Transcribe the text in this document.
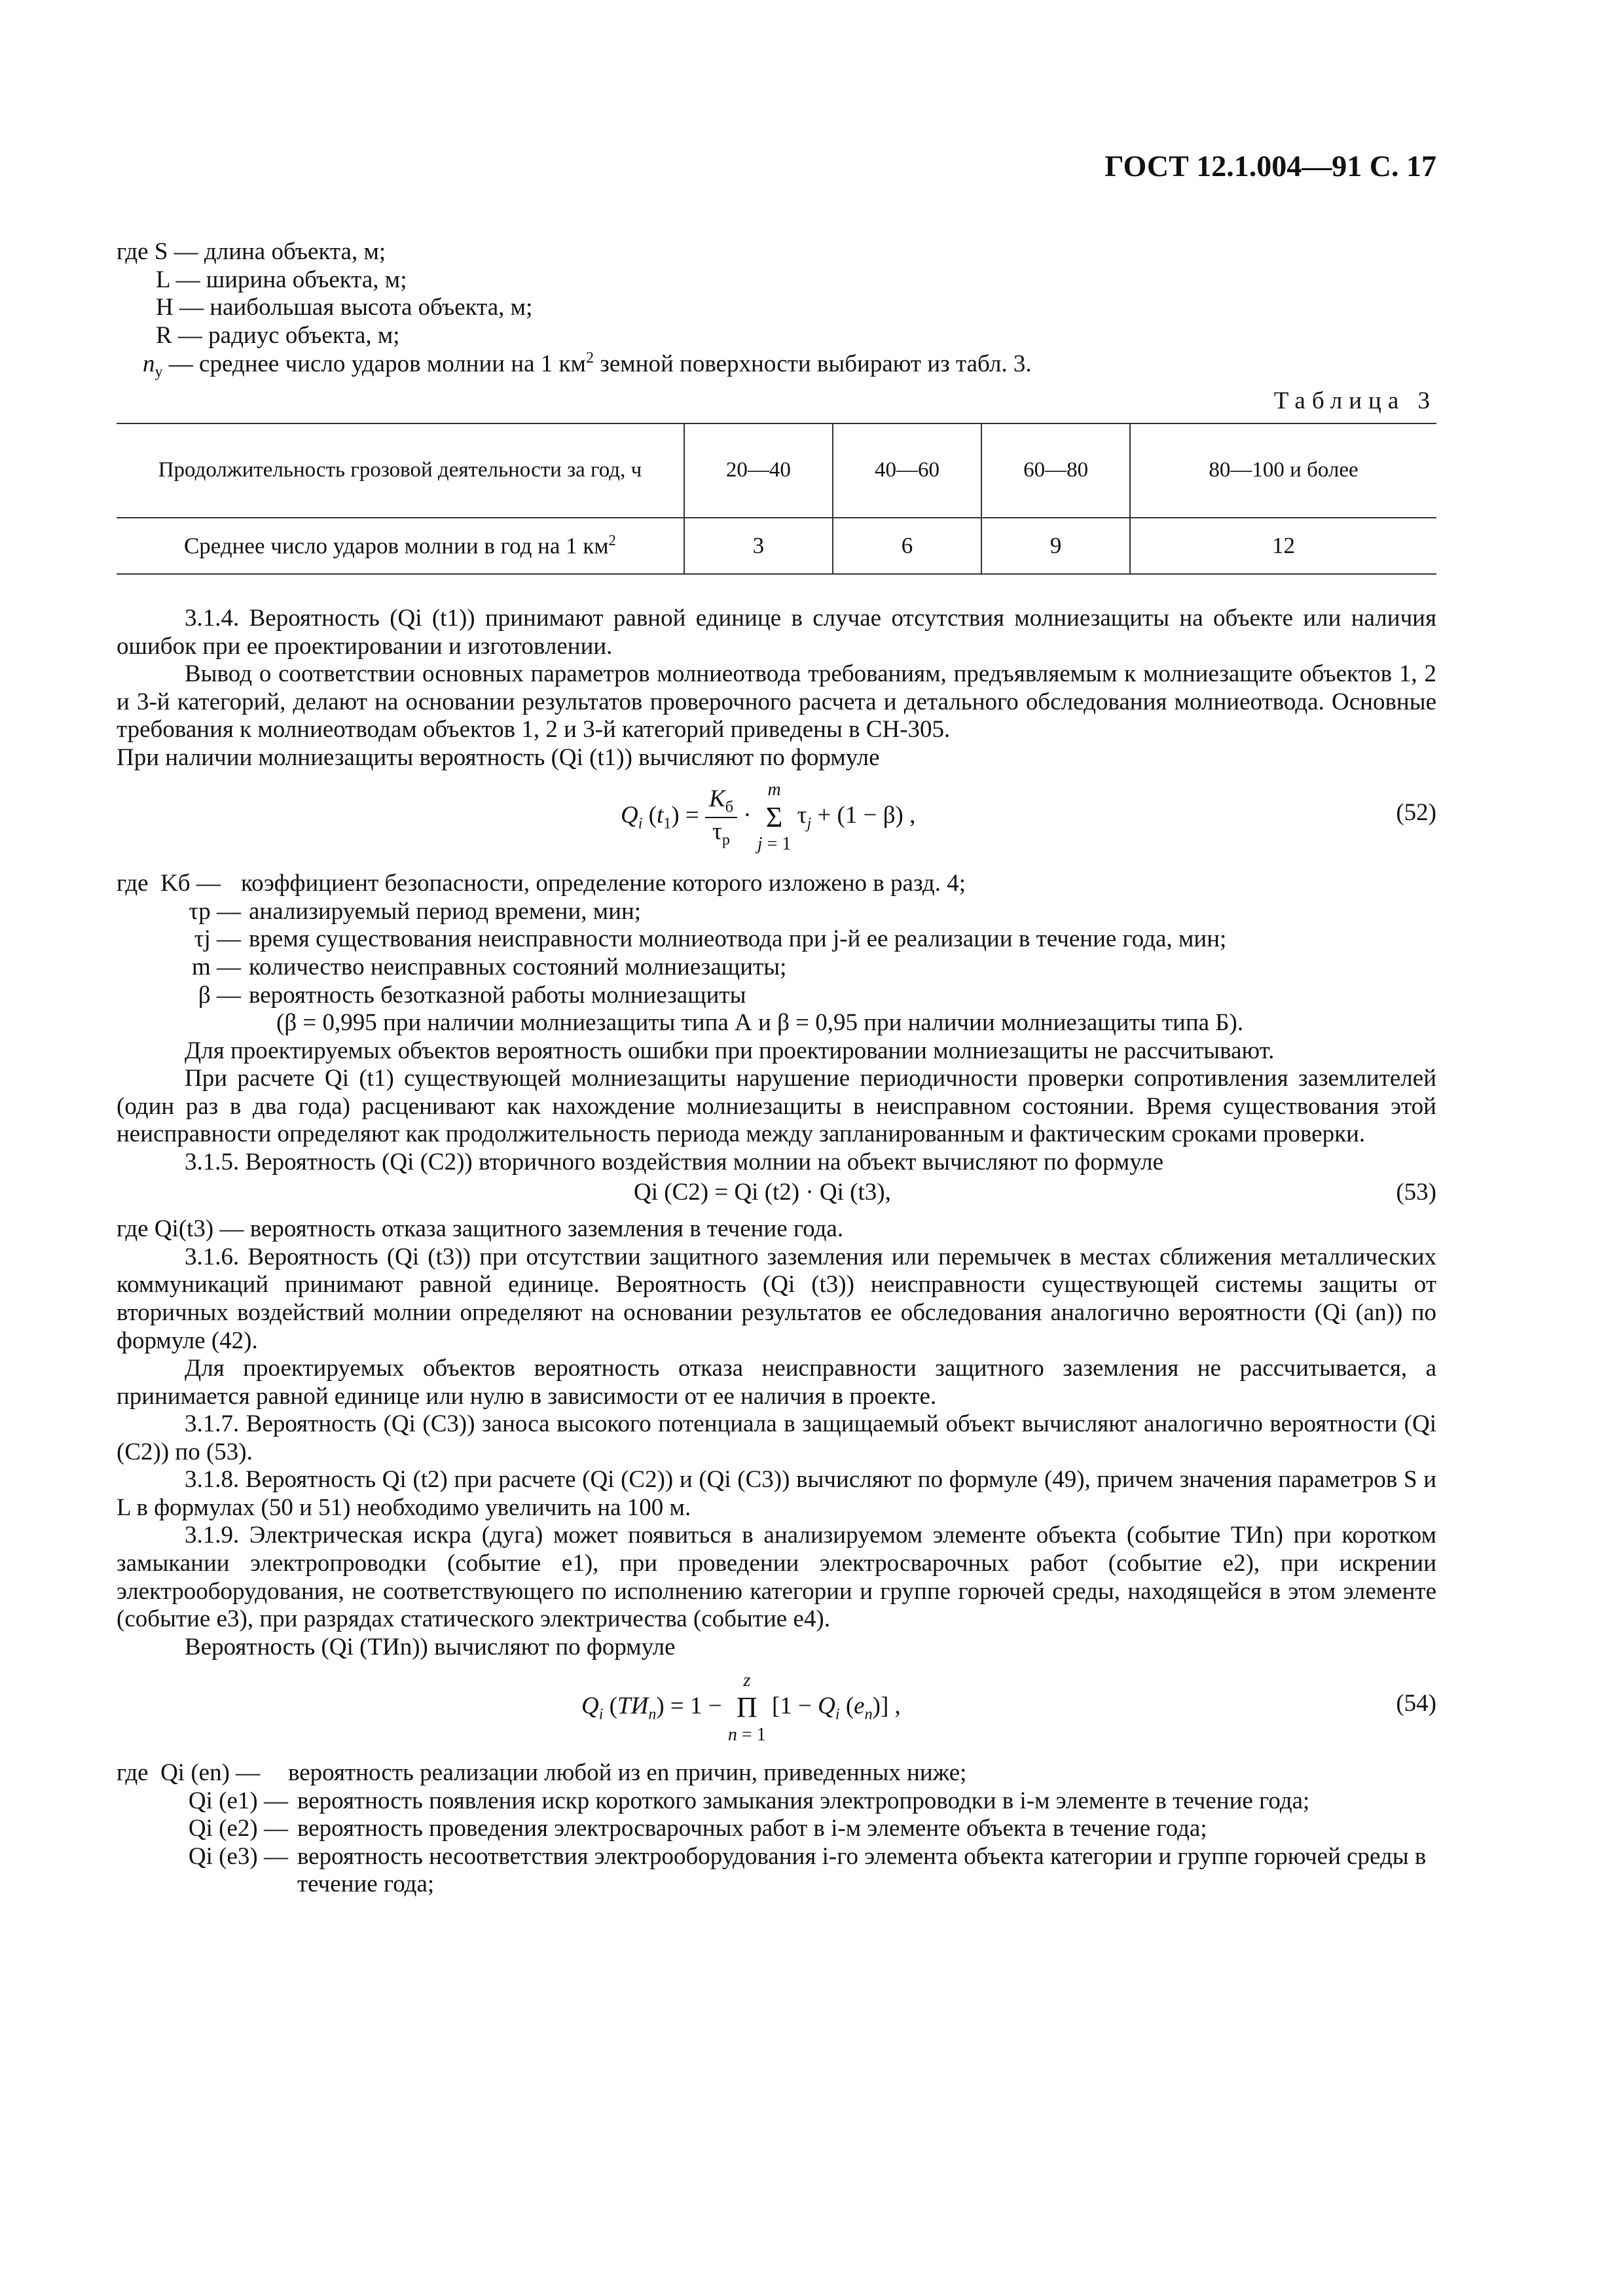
ГОСТ 12.1.004—91 С. 17

где S — длина объекта, м;

L — ширина объекта, м;

H — наибольшая высота объекта, м;

R — радиус объекта, м;

$n_у$ — среднее число ударов молнии на 1 $км^2$ земной поверхности выбирают из табл. 3.

Таблица 3
Продолжительность грозовой деятельности за год, ч	20—40	40—60	60—80	80—100 и более
Среднее число ударов молнии в год на 1 $км^2$	3	6	9	12

3.1.4. Вероятность (Qi (t1)) принимают равной единице в случае отсутствия молниезащиты на объекте или наличия ошибок при ее проектировании и изготовлении.

Вывод о соответствии основных параметров молниеотвода требованиям, предъявляемым к молниезащите объектов 1, 2 и 3-й категорий, делают на основании результатов проверочного расчета и детального обследования молниеотвода. Основные требования к молниеотводам объектов 1, 2 и 3-й категорий приведены в СН-305.

При наличии молниезащиты вероятность (Qi (t1)) вычисляют по формуле

$Q_i$ $(t_1) = \frac{K_б}{\tau_р}$ ·
m
Σ
j = 1
$\tau_j + (1 - \beta)$ ,	(52)
где  Kб — коэффициент безопасности, определение которого изложено в разд. 4;
τр — анализируемый период времени, мин;
τj — время существования неисправности молниеотвода при j-й ее реализации в течение года, мин;
m — количество неисправных состояний молниезащиты;
β — вероятность безотказной работы молниезащиты

(β = 0,995 при наличии молниезащиты типа А и β = 0,95 при наличии молниезащиты типа Б).

Для проектируемых объектов вероятность ошибки при проектировании молниезащиты не рассчитывают.

При расчете Qi (t1) существующей молниезащиты нарушение периодичности проверки сопротивления заземлителей (один раз в два года) расценивают как нахождение молниезащиты в неисправном состоянии. Время существования этой неисправности определяют как продолжительность периода между запланированным и фактическим сроками проверки.

3.1.5. Вероятность (Qi (C2)) вторичного воздействия молнии на объект вычисляют по формуле

Qi (C2) = Qi (t2) · Qi (t3),	(53)

где Qi(t3) — вероятность отказа защитного заземления в течение года.

3.1.6. Вероятность (Qi (t3)) при отсутствии защитного заземления или перемычек в местах сближения металлических коммуникаций принимают равной единице. Вероятность (Qi (t3)) неисправности существующей системы защиты от вторичных воздействий молнии определяют на основании результатов ее обследования аналогично вероятности (Qi (an)) по формуле (42).

Для проектируемых объектов вероятность отказа неисправности защитного заземления не рассчитывается, а принимается равной единице или нулю в зависимости от ее наличия в проекте.

3.1.7. Вероятность (Qi (C3)) заноса высокого потенциала в защищаемый объект вычисляют аналогично вероятности (Qi (C2)) по (53).

3.1.8. Вероятность Qi (t2) при расчете (Qi (C2)) и (Qi (C3)) вычисляют по формуле (49), причем значения параметров S и L в формулах (50 и 51) необходимо увеличить на 100 м.

3.1.9. Электрическая искра (дуга) может появиться в анализируемом элементе объекта (событие ТИn) при коротком замыкании электропроводки (событие e1), при проведении электросварочных работ (событие e2), при искрении электрооборудования, не соответствующего по исполнению категории и группе горючей среды, находящейся в этом элементе (событие e3), при разрядах статического электричества (событие e4).

Вероятность (Qi (ТИn)) вычисляют по формуле

$Q_i$ $(ТИ_n) = 1$ −
z
Π
n = 1
[$1 - Q_i$ $(e_n)$] ,	(54)
где  Qi (en) —	вероятность реализации любой из en причин, приведенных ниже;
Qi (e1) — вероятность появления искр короткого замыкания электропроводки в i-м элементе в течение года;
Qi (e2) — вероятность проведения электросварочных работ в i-м элементе объекта в течение года;
Qi (e3) — вероятность несоответствия электрооборудования i-го элемента объекта категории и группе горючей среды в течение года;
